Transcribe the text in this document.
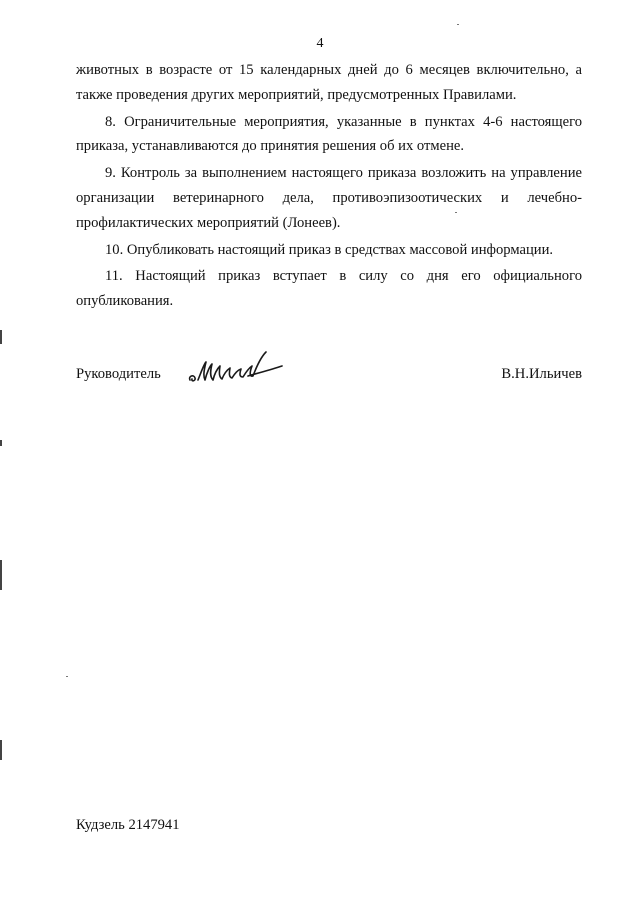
4

животных в возрасте от 15 календарных дней до 6 месяцев включительно, а также проведения других мероприятий, предусмотренных Правилами.

8. Ограничительные мероприятия, указанные в пунктах 4-6 настоящего приказа, устанавливаются до принятия решения об их отмене.

9. Контроль за выполнением настоящего приказа возложить на управление организации ветеринарного дела, противоэпизоотических и лечебно-профилактических мероприятий (Лонеев).

10. Опубликовать настоящий приказ в средствах массовой информации.

11. Настоящий приказ вступает в силу со дня его официального опубликования.

Руководитель	В.Н.Ильичев
Кудзель 2147941
